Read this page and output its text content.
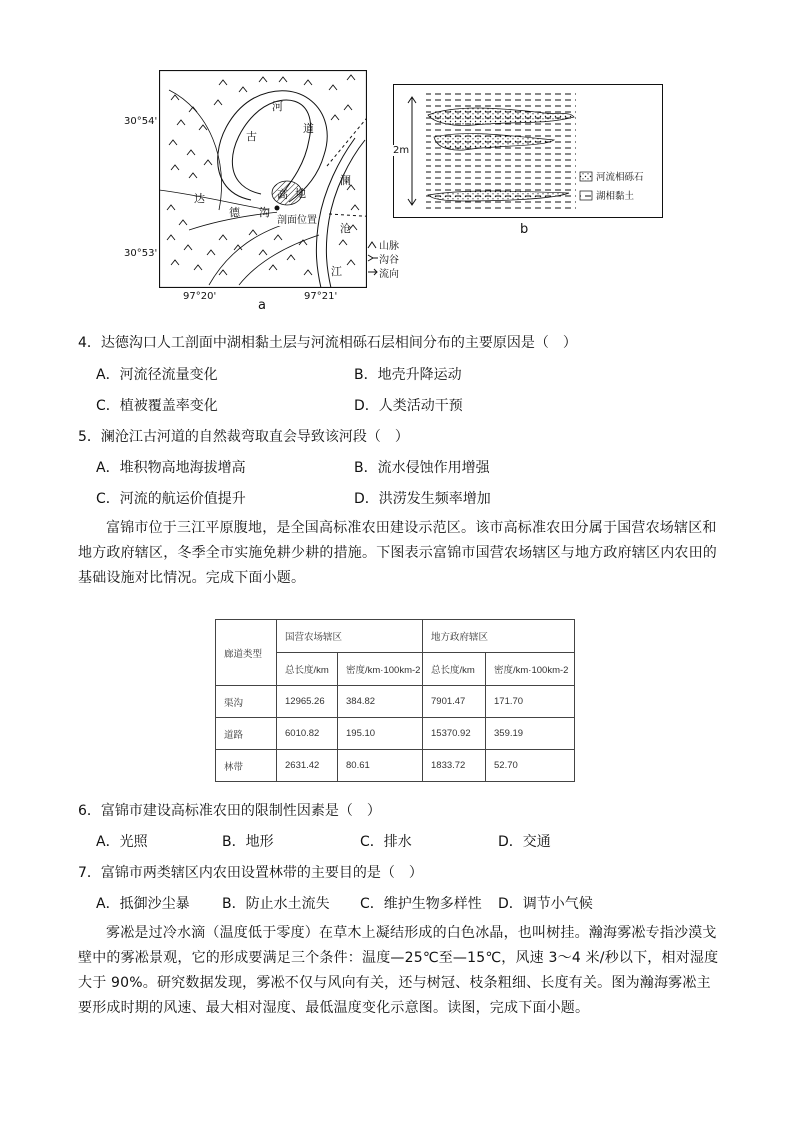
河
道
古
高 地
澜
沧
江
达
德 沟
剖面位置
30°54'
30°53'
97°20'	97°21'
a
山脉
沟谷
流向
2m
河流相砾石
湖相黏土
b
4．达德沟口人工剖面中湖相黏土层与河流相砾石层相间分布的主要原因是（　）
A．河流径流量变化	B．地壳升降运动
C．植被覆盖率变化	D．人类活动干预
5．澜沧江古河道的自然裁弯取直会导致该河段（　）
A．堆积物高地海拔增高	B．流水侵蚀作用增强
C．河流的航运价值提升	D．洪涝发生频率增加
富锦市位于三江平原腹地，是全国高标准农田建设示范区。该市高标准农田分属于国营农场辖区和地方政府辖区，冬季全市实施免耕少耕的措施。下图表示富锦市国营农场辖区与地方政府辖区内农田的基础设施对比情况。完成下面小题。
廊道类型	国营农场辖区		地方政府辖区	
	总长度/km	密度/km·100km-2	总长度/km	密度/km·100km-2
渠沟	12965.26	384.82	7901.47	171.70
道路	6010.82	195.10	15370.92	359.19
林带	2631.42	80.61	1833.72	52.70
6．富锦市建设高标准农田的限制性因素是（　）
A．光照	B．地形	C．排水	D．交通
7．富锦市两类辖区内农田设置林带的主要目的是（　）
A．抵御沙尘暴 B．防止水土流失 C．维护生物多样性 D．调节小气候
雾凇是过冷水滴（温度低于零度）在草木上凝结形成的白色冰晶，也叫树挂。瀚海雾凇专指沙漠戈壁中的雾凇景观，它的形成要满足三个条件：温度—25℃至—15℃，风速 3～4 米/秒以下，相对湿度大于 90%。研究数据发现，雾凇不仅与风向有关，还与树冠、枝条粗细、长度有关。图为瀚海雾凇主要形成时期的风速、最大相对湿度、最低温度变化示意图。读图，完成下面小题。
